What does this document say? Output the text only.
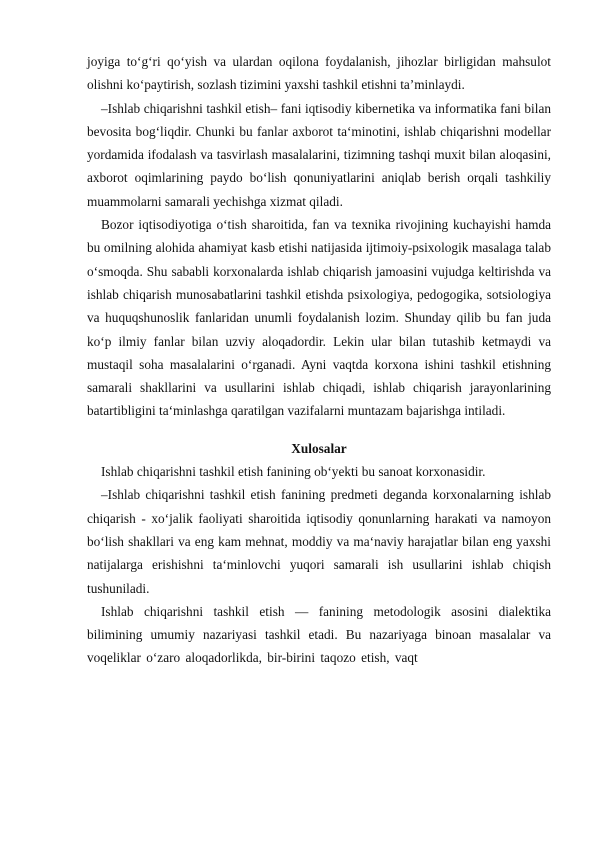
joyiga to‘g‘ri qo‘yish va ulardan oqilona foydalanish, jihozlar birligidan mahsulot olishni ko‘paytirish, sozlash tizimini yaxshi tashkil etishni ta’minlaydi.

–Ishlab chiqarishni tashkil etish– fani iqtisodiy kibernetika va informatika fani bilan bevosita bog‘liqdir. Chunki bu fanlar axborot ta‘minotini, ishlab chiqarishni modellar yordamida ifodalash va tasvirlash masalalarini, tizimning tashqi muxit bilan aloqasini, axborot oqimlarining paydo bo‘lish qonuniyatlarini aniqlab berish orqali tashkiliy muammolarni samarali yechishga xizmat qiladi.

Bozor iqtisodiyotiga o‘tish sharoitida, fan va texnika rivojining kuchayishi hamda bu omilning alohida ahamiyat kasb etishi natijasida ijtimoiy-psixologik masalaga talab o‘smoqda. Shu sababli korxonalarda ishlab chiqarish jamoasini vujudga keltirishda va ishlab chiqarish munosabatlarini tashkil etishda psixologiya, pedogogika, sotsiologiya va huquqshunoslik fanlaridan unumli foydalanish lozim. Shunday qilib bu fan juda ko‘p ilmiy fanlar bilan uzviy aloqadordir. Lekin ular bilan tutashib ketmaydi va mustaqil soha masalalarini o‘rganadi. Ayni vaqtda korxona ishini tashkil etishning samarali shakllarini va usullarini ishlab chiqadi, ishlab chiqarish jarayonlarining batartibligini ta‘minlashga qaratilgan vazifalarni muntazam bajarishga intiladi.

Xulosalar

Ishlab chiqarishni tashkil etish fanining ob‘yekti bu sanoat korxonasidir.

–Ishlab chiqarishni tashkil etish fanining predmeti deganda korxonalarning ishlab chiqarish - xo‘jalik faoliyati sharoitida iqtisodiy qonunlarning harakati va namoyon bo‘lish shakllari va eng kam mehnat, moddiy va ma‘naviy harajatlar bilan eng yaxshi natijalarga erishishni ta‘minlovchi yuqori samarali ish usullarini ishlab chiqish tushuniladi.

Ishlab chiqarishni tashkil etish — fanining metodologik asosini dialektika bilimining umumiy nazariyasi tashkil etadi. Bu nazariyaga binoan masalalar va voqeliklar o‘zaro aloqadorlikda, bir-birini taqozo etish, vaqt
